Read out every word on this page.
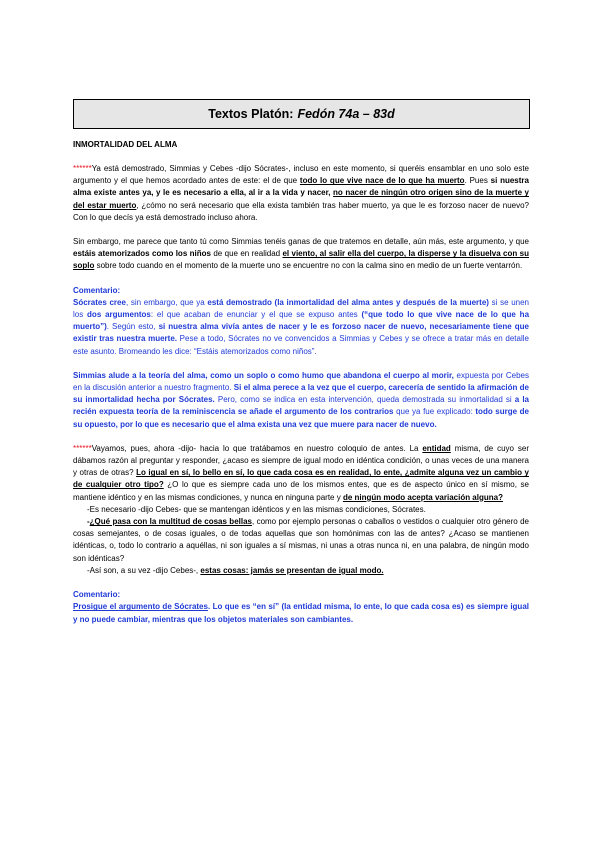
Textos Platón: Fedón 74a – 83d
INMORTALIDAD DEL ALMA

******Ya está demostrado, Simmias y Cebes -dijo Sócrates-, incluso en este momento, si queréis ensamblar en uno solo este argumento y el que hemos acordado antes de este: el de que todo lo que vive nace de lo que ha muerto. Pues si nuestra alma existe antes ya, y le es necesario a ella, al ir a la vida y nacer, no nacer de ningún otro origen sino de la muerte y del estar muerto, ¿cómo no será necesario que ella exista también tras haber muerto, ya que le es forzoso nacer de nuevo? Con lo que decís ya está demostrado incluso ahora.

Sin embargo, me parece que tanto tú como Simmias tenéis ganas de que tratemos en detalle, aún más, este argumento, y que estáis atemorizados como los niños de que en realidad el viento, al salir ella del cuerpo, la disperse y la disuelva con su soplo sobre todo cuando en el momento de la muerte uno se encuentre no con la calma sino en medio de un fuerte ventarrón.

Comentario:
Sócrates cree, sin embargo, que ya está demostrado (la inmortalidad del alma antes y después de la muerte) si se unen los dos argumentos: el que acaban de enunciar y el que se expuso antes (“que todo lo que vive nace de lo que ha muerto”). Según esto, si nuestra alma vivía antes de nacer y le es forzoso nacer de nuevo, necesariamente tiene que existir tras nuestra muerte. Pese a todo, Sócrates no ve convencidos a Simmias y Cebes y se ofrece a tratar más en detalle este asunto. Bromeando les dice: “Estáis atemorizados como niños”.

Simmias alude a la teoría del alma, como un soplo o como humo que abandona el cuerpo al morir, expuesta por Cebes en la discusión anterior a nuestro fragmento. Si el alma perece a la vez que el cuerpo, carecería de sentido la afirmación de su inmortalidad hecha por Sócrates. Pero, como se indica en esta intervención, queda demostrada su inmortalidad si a la recién expuesta teoría de la reminiscencia se añade el argumento de los contrarios que ya fue explicado: todo surge de su opuesto, por lo que es necesario que el alma exista una vez que muere para nacer de nuevo.

******Vayamos, pues, ahora -dijo- hacia lo que tratábamos en nuestro coloquio de antes. La entidad misma, de cuyo ser dábamos razón al preguntar y responder, ¿acaso es siempre de igual modo en idéntica condición, o unas veces de una manera y otras de otras? Lo igual en sí, lo bello en sí, lo que cada cosa es en realidad, lo ente, ¿admite alguna vez un cambio y de cualquier otro tipo? ¿O lo que es siempre cada uno de los mismos entes, que es de aspecto único en sí mismo, se mantiene idéntico y en las mismas condiciones, y nunca en ninguna parte y de ningún modo acepta variación alguna?

-Es necesario -dijo Cebes- que se mantengan idénticos y en las mismas condiciones, Sócrates.

-¿Qué pasa con la multitud de cosas bellas, como por ejemplo personas o caballos o vestidos o cualquier otro género de cosas semejantes, o de cosas iguales, o de todas aquellas que son homónimas con las de antes? ¿Acaso se mantienen idénticas, o, todo lo contrario a aquéllas, ni son iguales a sí mismas, ni unas a otras nunca ni, en una palabra, de ningún modo son idénticas?

-Así son, a su vez -dijo Cebes-, estas cosas: jamás se presentan de igual modo.

Comentario:
Prosigue el argumento de Sócrates. Lo que es “en sí” (la entidad misma, lo ente, lo que cada cosa es) es siempre igual y no puede cambiar, mientras que los objetos materiales son cambiantes.
